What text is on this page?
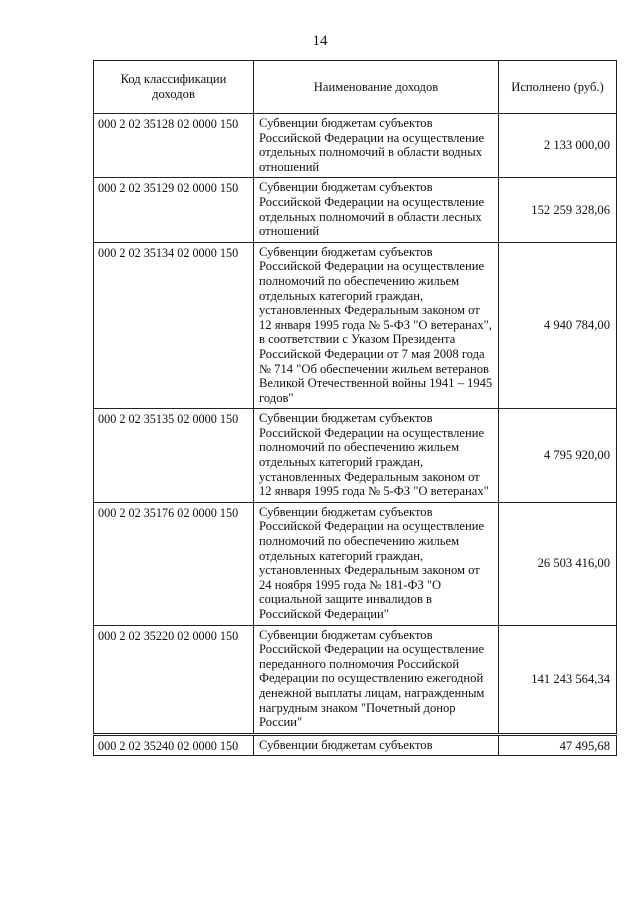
14
Код классификации доходов	Наименование доходов	Исполнено (руб.)
000 2 02 35128 02 0000 150	Субвенции бюджетам субъектов Российской Федерации на осуществление отдельных полномочий в области водных отношений	2 133 000,00
000 2 02 35129 02 0000 150	Субвенции бюджетам субъектов Российской Федерации на осуществление отдельных полномочий в области лесных отношений	152 259 328,06
000 2 02 35134 02 0000 150	Субвенции бюджетам субъектов Российской Федерации на осуществление полномочий по обеспечению жильем отдельных категорий граждан, установленных Федеральным законом от 12 января 1995 года № 5-ФЗ "О ветеранах", в соответствии с Указом Президента Российской Федерации от 7 мая 2008 года № 714 "Об обеспечении жильем ветеранов Великой Отечественной войны 1941 – 1945 годов"	4 940 784,00
000 2 02 35135 02 0000 150	Субвенции бюджетам субъектов Российской Федерации на осуществление полномочий по обеспечению жильем отдельных категорий граждан, установленных Федеральным законом от 12 января 1995 года № 5-ФЗ "О ветеранах"	4 795 920,00
000 2 02 35176 02 0000 150	Субвенции бюджетам субъектов Российской Федерации на осуществление полномочий по обеспечению жильем отдельных категорий граждан, установленных Федеральным законом от 24 ноября 1995 года № 181-ФЗ "О социальной защите инвалидов в Российской Федерации"	26 503 416,00
000 2 02 35220 02 0000 150	Субвенции бюджетам субъектов Российской Федерации на осуществление переданного полномочия Российской Федерации по осуществлению ежегодной денежной выплаты лицам, награжденным нагрудным знаком "Почетный донор России"	141 243 564,34
000 2 02 35240 02 0000 150	Субвенции бюджетам субъектов	47 495,68
